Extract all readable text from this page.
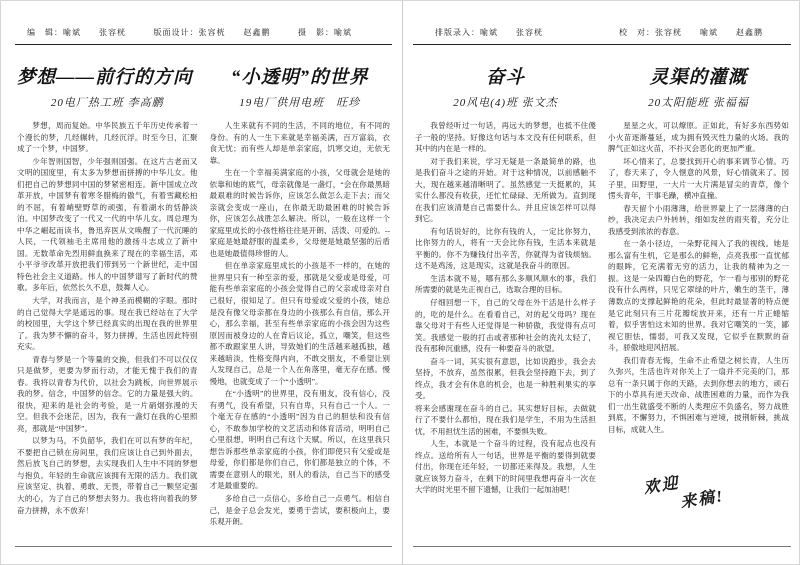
编　辑：喻斌　　张容桄	版面设计：张容桄　　赵鑫鹏	摄　影：喻斌
梦想——前行的方向
20电厂热工班 李高鹏

梦想，周而复始。中华民族五千年历史传承着一个漫长的梦，几经辗转，几经沉浮。时至今日，汇聚成了一个梦，中国梦。

少年智则国智，少年强则国强。在这片古老而又文明的国度里，有太多为梦想而拼搏的中华儿女。他们把自己的梦想同中国的梦紧密相连。新中国成立改革开放，中国梦有着寒冬腊梅的傲气，有着雪藏松柏的不屈，有着峭壁野草的顽强，有着湖水的恬静淡泊。中国梦改变了一代又一代的中华儿女。周总理为中华之崛起而读书，鲁迅弃医从文唤醒了一代沉睡的人民，一代领袖毛主席用他的激扬斗志成立了新中国。无数革命先烈用鲜血换来了现在的幸福生活，邓小平爷爷改革开放把我们带到另一个新世纪，走中国特色社会主义道路。伟人的中国梦谱写了新时代的赞歌。多年后，依然长久不息，鼓舞人心。

大学，对我而言，是个神圣而模糊的字眼。那时的自己觉得大学是遥远的事。现在我已经站在了大学的校园里，大学这个梦已经真实的出现在我的世界里了。我为梦不懈的奋斗，努力拼搏，生活也因此特别充实。

青春与梦是一个等量的交换，但我们不可以仅仅只是做梦，更要为梦而行动，才能无愧于我们的青春。我将以青春为代价，以社会为跳板，向世界展示我的梦。信念，中国梦的信念。它的力量是强大的。很快，迎来的是社会的考验，是一片硝烟弥漫的天空。但我不会迷茫，因为，我有一盏灯在我的心里照亮，那就是“中国梦”。

以梦为马，不负韶华，我们在可以有梦的年纪，不要把自己锁在房间里，我们应该让自己到外面去，然后放飞自己的梦想，去实现我们人生中不同的梦想与抱负。年轻的生命就应该拥有无限的活力。我们就应该坚定、执着、勇敢、无畏，带着自己一颗坚定强大的心，为了自己的梦想去努力。我也将向着我的梦奋力拼搏，永不放弃！

“小透明”的世界
19电厂供用电班　旺珍

人生来就有不同的生活，不同的地位，有不同的身份。有的人一生下来就是幸福美满，百万富翁，衣食无忧；而有些人却是单亲家庭，饥寒交迫，无依无靠。

生在一个幸福美满家庭的小孩，父母就会是她的依靠和她的底气，母亲就像是一盏灯，“会在你最黑暗最艰难的时候告诉你，应该怎么做怎么走下去；而父亲就会变成一座山，在你最无助最困难的时候告诉你，应该怎么战胜怎么解决。所以，一般在这样一个家庭里成长的小孩性格往往是开朗、活泼、可爱的。--家庭是她最舒服的温柔乡，父母便是她最坚强的后盾也是她最值得珍惜的人。

但在单亲家庭里成长的小孩是不一样的，在她的世界里只有一种至亲的爱，那就是父爱或是母爱，可能有些单亲家庭的小孩会觉得自己的父亲或母亲对自己很好，很知足了。但只有母爱或父爱的小孩，她总是没有像父母亲都在身边的小孩那么有自信，那么开心，那么幸福，甚至有些单亲家庭的小孩会因为这些原因而被身边的人在背后议论，孤立，嘲笑，但这些都不敢跟家里人讲，导致她们的生活越来越孤独，越来越暗淡，性格变得内向，不敢交朋友，不希望让别人发现自己，总是一个人在角落里，毫无存在感。慢慢地，也就变成了一个“小透明”。

在“小透明”的世界里，没有朋友，没有信心，没有勇气，没有希望，只有自卑，只有自己一个人。一个毫无存在感的“小透明”因为自己的胆怯和没有信心，不敢参加学校的文艺活动和体育活动，明明自己心里很想，明明自己有这个天赋。所以，在这里我只想告诉那些单亲家庭的小孩，你们即使只有父爱或是母爱，你们都是你们自己，你们都是独立的个体，不需要在意别人的眼光，别人的看法，自己当下的感受才是最重要的。

多给自己一点信心，多给自己一点勇气。相信自己，是金子总会发光，要勇于尝试，要积极向上，要乐观开朗。

排版录入：喻斌　　张容桄	校　对：张容桄　　喻斌　　赵鑫鹏
奋斗
20风电(4)班 张文杰

我曾经听过一句话，再远大的梦想，也抵不住傻子一般的坚持。好像这句话与本文没有任何联系，但其中的内在是一样的。

对于我们来说，学习无疑是一条最简单的路，也是我们奋斗之途的开始。对于这种情况，以前感触不大，现在越来越清晰明了。虽然感觉一天挺累的，其实什么都没有收获，还忙忙碌碌、无所做为。直到现在我们应该清楚自己需要什么。并且应该怎样可以得到它。

有句话说好的，比你有钱的人，一定比你努力，比你努力的人，将有一天会比你有钱，生活本来就是平衡的。你不为赚钱付出辛苦，你就得为省钱烦恼。这不是鸡汤，这是现实，这就是我奋斗的原因。

生活本就不易，哪有那么多顺风顺水的事，我们所需要的就是先正视自己，选取合理的目标。

仔细回想一下，自己的父母在外干活是什么样子的，吃的是什么。在看看自己，对的起父母吗？现在靠父母对于有些人还觉得是一种骄傲，我觉得有点可笑。我感觉一般的打击或者那种社会的洗礼太轻了，没有那种沉重感，没有一种要奋斗的欲望。

奋斗一词，其实很有意思，比如说跑步，我会去坚持，不放弃，虽然很累，但我会坚持跑下去，到了终点，我才会有休息的机会，也是一种胜利果实的享受。

将来会感谢现在奋斗的自己。其实想好目标，去做就行了不要什么都怕，现在我们是学生，不用为生活担忧，不用担忧生活的困难，不要惧失败。

人生，本就是一个奋斗的过程，没有起点也没有终点。送给所有人一句话，世界是平衡的要得到就要付出，你现在还年轻，一切都还来得及。我想，人生就应该努力奋斗，在剩下的时间里我想再奋斗一次在大学的时光里不留下遗憾，让我们一起加油吧！

灵渠的灌溉
20太阳能班 张福福

星星之火，可以燎原。正如此，有好多东西势如小火苗逐渐蔓延，成为拥有毁灭性力量的火场。我的脾气正如这火苗，不扑灭会恶化的更加严重。

坏心情来了，总要找到开心的事来调节心情。巧了，春天来了，令人惬意的风景，好心情就来了。园子里，田野里，一大片一大片满是冒尖的青草，像个愣头青年，干事毛躁，横冲直撞。

春天留个小雨薄薄，给世界蒙上了一层薄薄的白纱，我决定去户外转转，细如发丝的雨夹着，充分让我感受到浓浓的春意。

在一条小径边，一朵野花闯入了我的视线。她是那么富有生机，它是那么的鲜艳，点亮我那一直忧郁的眼眸，它充满着无穷的活力，让我的精神为之一振。这是一朵四瓣白色的野花，乍一看与那别的野花没有什么两样，只见它翠绿的叶片，嫩生的茎干，薄薄数点的支撑起鲜艳的花朵，但此时最显著的特点便是它此刻只有三片花瓣绽放开来，还有一片正蜷缩着，似乎害怕这未知的世界。我对它嘲笑的一笑，鄙视它胆怯，懦弱，可我又发现，它似乎在默默的奋斗，骄傲地迎风招展。

我们青春无悔，生命不止希望之树长青，人生历久弥兴，生活也许对你关上了一扇并不完美的门，那总有一条只属于你的天路，去到你想去的地方，顽石下的小草具有逆天改命、战胜困难的力量，而作为我们一出生就盛受不断的人类理应不负盛名，努力战胜到底，不懈努力，不惧困难与逆境，披荆斩棘，挑战目标，成就人生。

欢迎
来稿!
